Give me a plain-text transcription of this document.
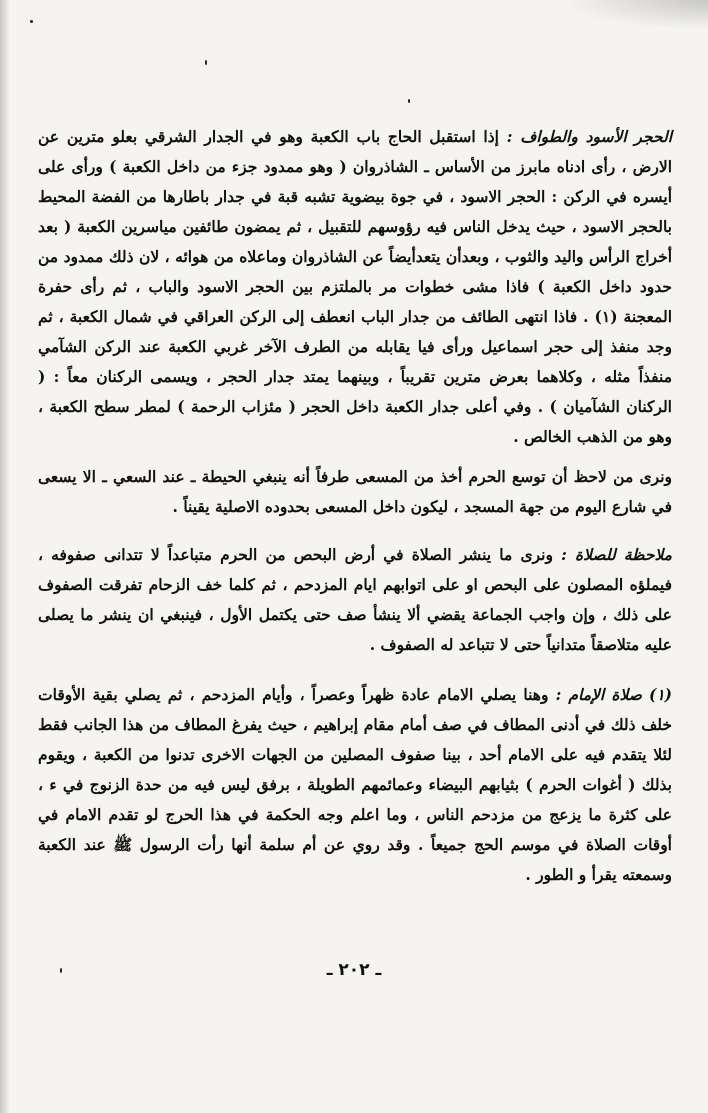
الحجر الأسود والطواف : إذا استقبل الحاج باب الكعبة وهو في الجدار الشرقي بعلو مترين عن الارض ، رأى ادناه مابرز من الأساس ـ الشاذروان ( وهو ممدود جزء من داخل الكعبة ) ورأى على أيسره في الركن : الحجر الاسود ، في جوة بيضوية تشبه قبة في جدار باطارها من الفضة المحيط بالحجر الاسود ، حيث يدخل الناس فيه رؤوسهم للتقبيل ، ثم يمضون طائفين مياسرين الكعبة ( بعد أخراج الرأس واليد والثوب ، وبعدأن يتعدأيضاً عن الشاذروان وماعلاه من هوائه ، لان ذلك ممدود من حدود داخل الكعبة ) فاذا مشى خطوات مر بالملتزم بين الحجر الاسود والباب ، ثم رأى حفرة المعجنة (١) . فاذا انتهى الطائف من جدار الباب انعطف إلى الركن العراقي في شمال الكعبة ، ثم وجد منفذ إلى حجر اسماعيل ورأى فيا يقابله من الطرف الآخر غربي الكعبة عند الركن الشآمي منفذاً مثله ، وكلاهما بعرض مترين تقريباً ، وبينهما يمتد جدار الحجر ، ويسمى الركنان معاً : ( الركنان الشآميان ) . وفي أعلى جدار الكعبة داخل الحجر ( مئزاب الرحمة ) لمطر سطح الكعبة ، وهو من الذهب الخالص .

ونرى من لاحظ أن توسع الحرم أخذ من المسعى طرفاً أنه ينبغي الحيطة ـ عند السعي ـ الا يسعى في شارع اليوم من جهة المسجد ، ليكون داخل المسعى بحدوده الاصلية يقيناً .

ملاحظة للصلاة : ونرى ما ينشر الصلاة في أرض البحص من الحرم متباعداً لا تتدانى صفوفه ، فيملؤه المصلون على البحص او على اتوابهم ايام المزدحم ، ثم كلما خف الزحام تفرقت الصفوف على ذلك ، وإن واجب الجماعة يقضي ألا ينشأ صف حتى يكتمل الأول ، فينبغي ان ينشر ما يصلى عليه متلاصقاً متدانياً حتى لا تتباعد له الصفوف .

(١) صلاة الإمام : وهنا يصلي الامام عادة ظهراً وعصراً ، وأيام المزدحم ، ثم يصلي بقية الأوقات خلف ذلك في أدنى المطاف في صف أمام مقام إبراهيم ، حيث يفرغ المطاف من هذا الجانب فقط لئلا يتقدم فيه على الامام أحد ، بينا صفوف المصلين من الجهات الاخرى تدنوا من الكعبة ، ويقوم بذلك ( أغوات الحرم ) بثيابهم البيضاء وعمائمهم الطويلة ، برفق ليس فيه من حدة الزنوج في ء ، على كثرة ما يزعج من مزدحم الناس ، وما اعلم وجه الحكمة في هذا الحرج لو تقدم الامام في أوقات الصلاة في موسم الحج جميعاً . وقد روي عن أم سلمة أنها رأت الرسول ﷺ عند الكعبة وسمعته يقرأ و الطور .

ـ ٢٠٢ ـ
